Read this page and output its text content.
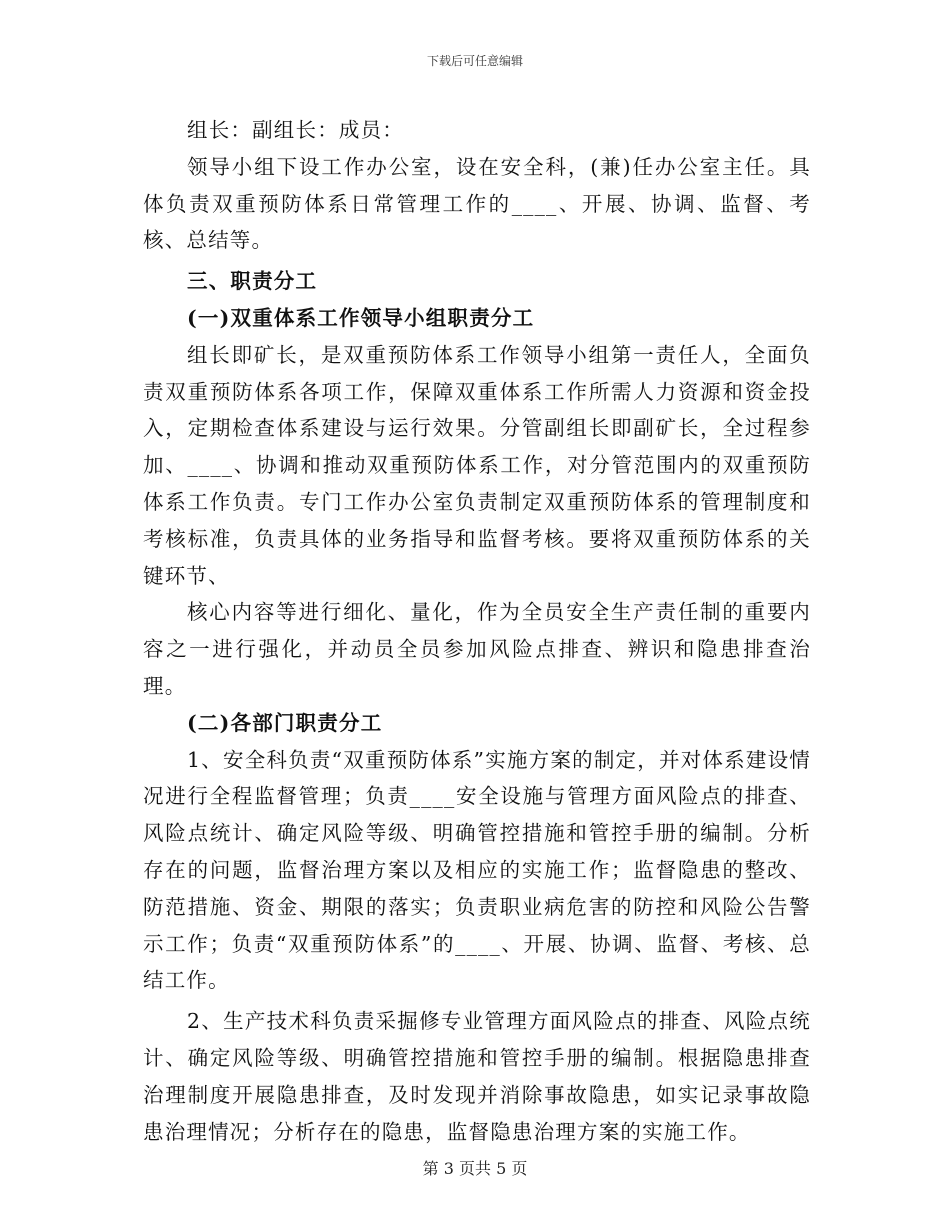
下载后可任意编辑

组长：副组长：成员：

领导小组下设工作办公室，设在安全科，(兼)任办公室主任。具体负责双重预防体系日常管理工作的____、开展、协调、监督、考核、总结等。

三、职责分工

(一)双重体系工作领导小组职责分工

组长即矿长，是双重预防体系工作领导小组第一责任人，全面负责双重预防体系各项工作，保障双重体系工作所需人力资源和资金投入，定期检查体系建设与运行效果。分管副组长即副矿长，全过程参加、____、协调和推动双重预防体系工作，对分管范围内的双重预防体系工作负责。专门工作办公室负责制定双重预防体系的管理制度和考核标准，负责具体的业务指导和监督考核。要将双重预防体系的关键环节、

核心内容等进行细化、量化，作为全员安全生产责任制的重要内容之一进行强化，并动员全员参加风险点排查、辨识和隐患排查治理。

(二)各部门职责分工

1、安全科负责“双重预防体系”实施方案的制定，并对体系建设情况进行全程监督管理；负责____安全设施与管理方面风险点的排查、风险点统计、确定风险等级、明确管控措施和管控手册的编制。分析存在的问题，监督治理方案以及相应的实施工作；监督隐患的整改、防范措施、资金、期限的落实；负责职业病危害的防控和风险公告警示工作；负责“双重预防体系”的____、开展、协调、监督、考核、总结工作。

2、生产技术科负责采掘修专业管理方面风险点的排查、风险点统计、确定风险等级、明确管控措施和管控手册的编制。根据隐患排查治理制度开展隐患排查，及时发现并消除事故隐患，如实记录事故隐患治理情况；分析存在的隐患，监督隐患治理方案的实施工作。

第 3 页共 5 页
